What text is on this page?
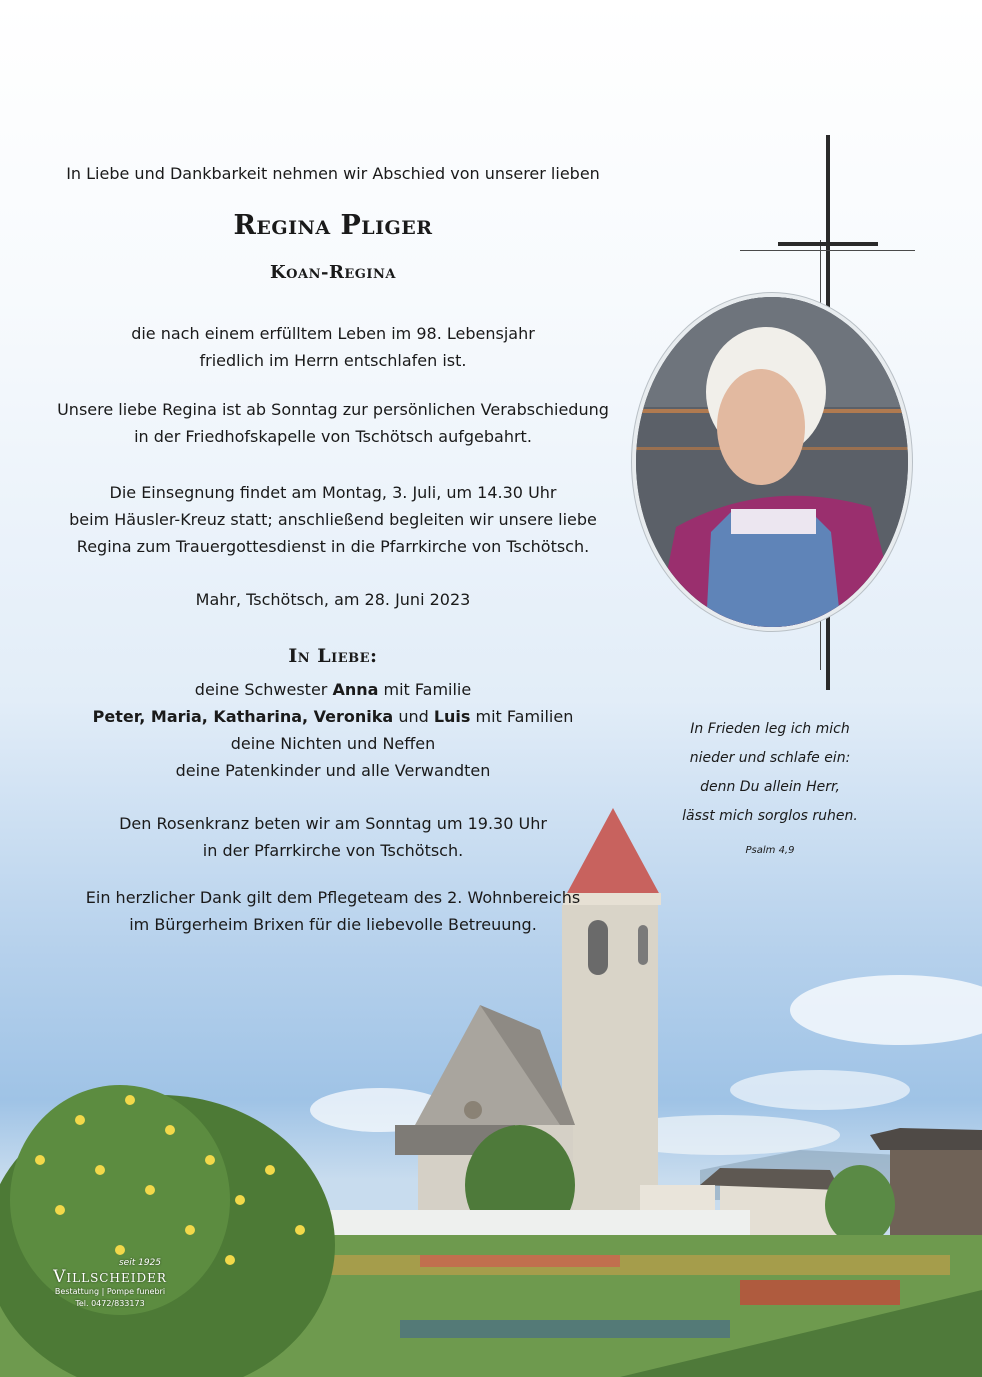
In Liebe und Dankbarkeit nehmen wir Abschied von unserer lieben
Regina Pliger
Koan-Regina
die nach einem erfülltem Leben im 98. Lebensjahr
friedlich im Herrn entschlafen ist.
Unsere liebe Regina ist ab Sonntag zur persönlichen Verabschiedung
in der Friedhofskapelle von Tschötsch aufgebahrt.
Die Einsegnung findet am Montag, 3. Juli, um 14.30 Uhr
beim Häusler-Kreuz statt; anschließend begleiten wir unsere liebe
Regina zum Trauergottesdienst in die Pfarrkirche von Tschötsch.
Mahr, Tschötsch, am 28. Juni 2023
In Liebe:
deine Schwester Anna mit Familie
Peter, Maria, Katharina, Veronika und Luis mit Familien
deine Nichten und Neffen
deine Patenkinder und alle Verwandten
Den Rosenkranz beten wir am Sonntag um 19.30 Uhr
in der Pfarrkirche von Tschötsch.
Ein herzlicher Dank gilt dem Pflegeteam des 2. Wohnbereichs
im Bürgerheim Brixen für die liebevolle Betreuung.
In Frieden leg ich mich
nieder und schlafe ein:
denn Du allein Herr,
lässt mich sorglos ruhen.
Psalm 4,9
seit 1925
Villscheider
Bestattung | Pompe funebri
Tel. 0472/833173
